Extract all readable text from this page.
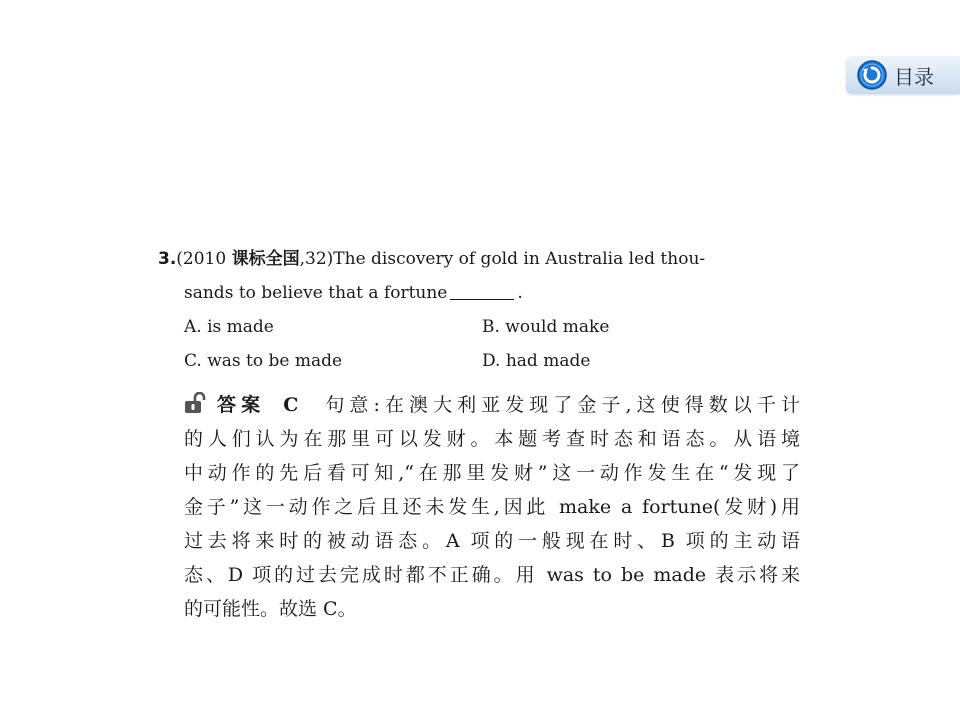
目录
3.(2010 课标全国,32)The discovery of gold in Australia led thou-
sands to believe that a fortune	.
A. is made	B. would make
C. was to be made	D. had made

答案 C 句意:在澳大利亚发现了金子,这使得数以千计

的人们认为在那里可以发财。本题考查时态和语态。从语境

中动作的先后看可知,“在那里发财”这一动作发生在“发现了

金子”这一动作之后且还未发生,因此 make a fortune(发财)用

过去将来时的被动语态。A 项的一般现在时、B 项的主动语

态、D 项的过去完成时都不正确。用 was to be made 表示将来

的可能性。故选 C。
